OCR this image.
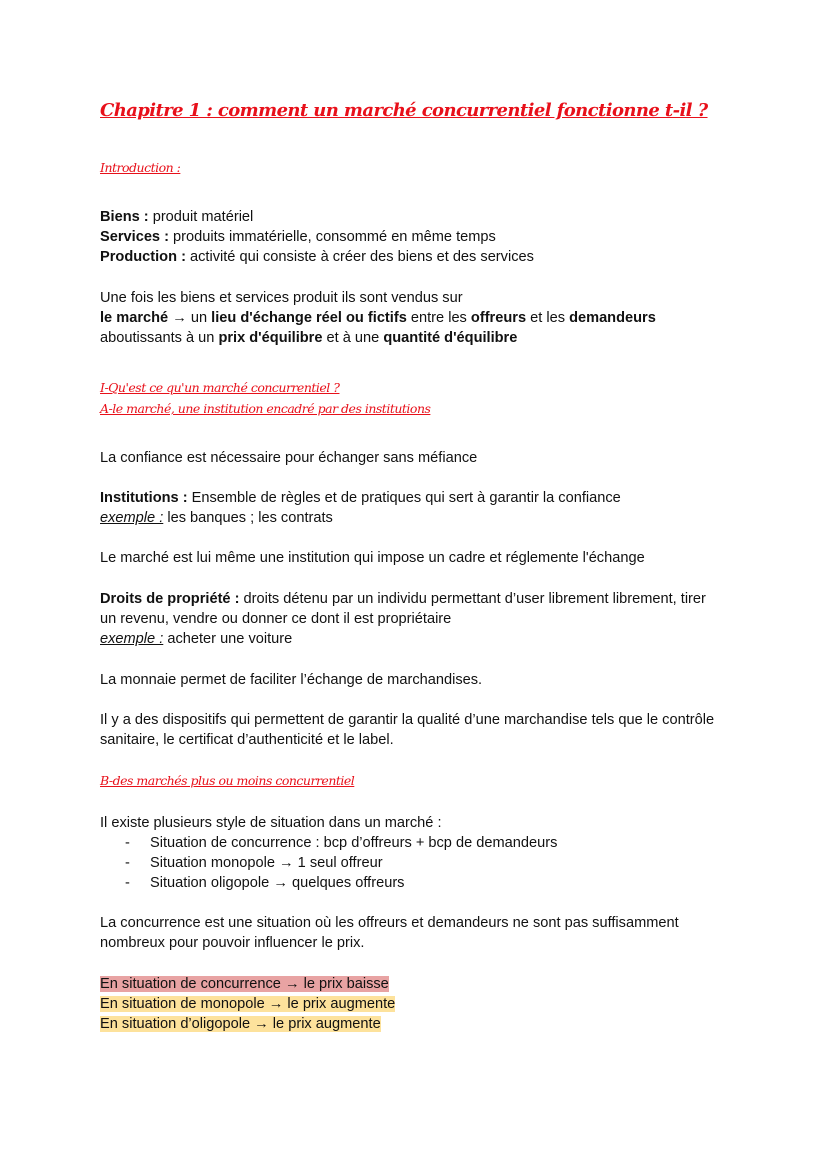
Chapitre 1 : comment un marché concurrentiel fonctionne t-il ?
Introduction :
Biens : produit matériel
Services : produits immatérielle, consommé en même temps
Production : activité qui consiste à créer des biens et des services
Une fois les biens et services produit ils sont vendus sur
le marché → un lieu d'échange réel ou fictifs entre les offreurs et les demandeurs
aboutissants à un prix d'équilibre et à une quantité d'équilibre
I-Qu'est ce qu'un marché concurrentiel ?
A-le marché, une institution encadré par des institutions
La confiance est nécessaire pour échanger sans méfiance
Institutions : Ensemble de règles et de pratiques qui sert à garantir la confiance
exemple : les banques ; les contrats
Le marché est lui même une institution qui impose un cadre et réglemente l'échange
Droits de propriété : droits détenu par un individu permettant d’user librement librement, tirer un revenu, vendre ou donner ce dont il est propriétaire
exemple : acheter une voiture
La monnaie permet de faciliter l’échange de marchandises.
Il y a des dispositifs qui permettent de garantir la qualité d’une marchandise tels que le contrôle sanitaire, le certificat d’authenticité et le label.
B-des marchés plus ou moins concurrentiel
Il existe plusieurs style de situation dans un marché :
- Situation de concurrence : bcp d’offreurs + bcp de demandeurs
- Situation monopole → 1 seul offreur
- Situation oligopole → quelques offreurs
La concurrence est une situation où les offreurs et demandeurs ne sont pas suffisamment nombreux pour pouvoir influencer le prix.
En situation de concurrence → le prix baisse
En situation de monopole → le prix augmente
En situation d’oligopole → le prix augmente
